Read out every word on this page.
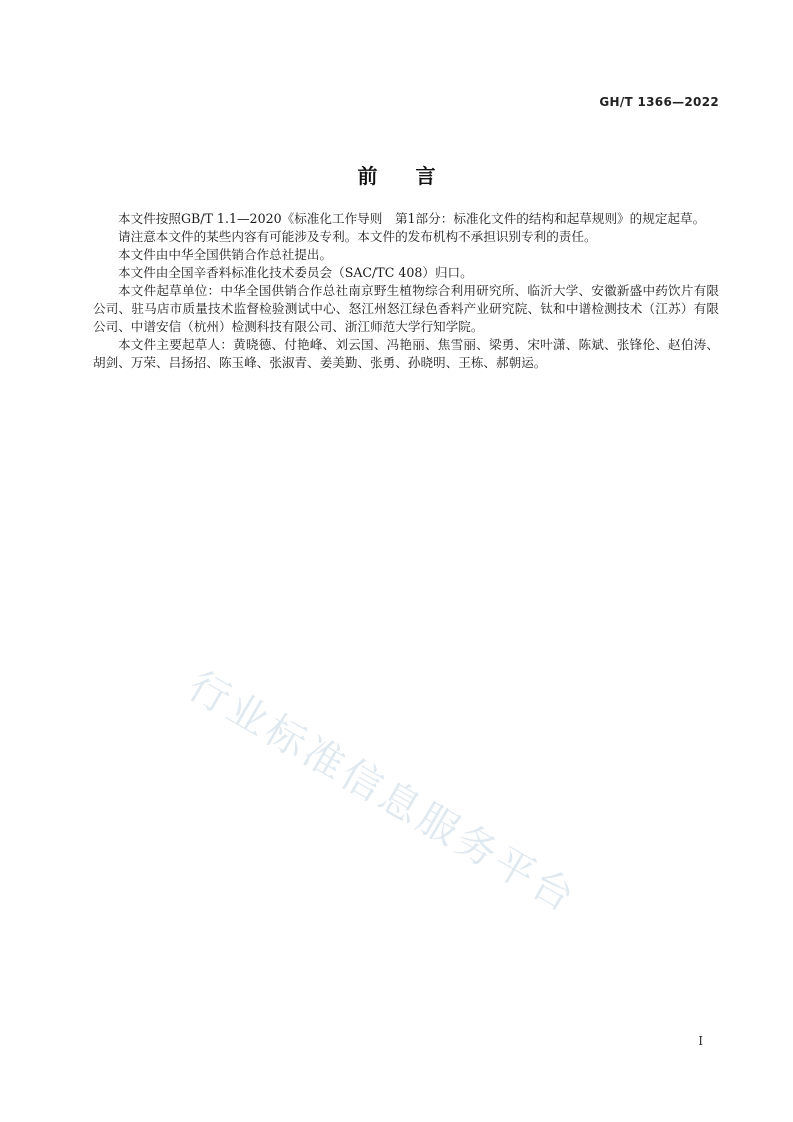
GH/T 1366—2022
前 言

本文件按照GB/T 1.1—2020《标准化工作导则　第1部分：标准化文件的结构和起草规则》的规定起草。

请注意本文件的某些内容有可能涉及专利。本文件的发布机构不承担识别专利的责任。

本文件由中华全国供销合作总社提出。

本文件由全国辛香料标准化技术委员会（SAC/TC 408）归口。

本文件起草单位：中华全国供销合作总社南京野生植物综合利用研究所、临沂大学、安徽新盛中药饮片有限公司、驻马店市质量技术监督检验测试中心、怒江州怒江绿色香料产业研究院、钛和中谱检测技术（江苏）有限公司、中谱安信（杭州）检测科技有限公司、浙江师范大学行知学院。

本文件主要起草人：黄晓德、付艳峰、刘云国、冯艳丽、焦雪丽、梁勇、宋叶潇、陈斌、张锋伦、赵伯涛、胡剑、万荣、吕扬招、陈玉峰、张淑青、姜美勤、张勇、孙晓明、王栋、郝朝运。

行业标准信息服务平台
I
